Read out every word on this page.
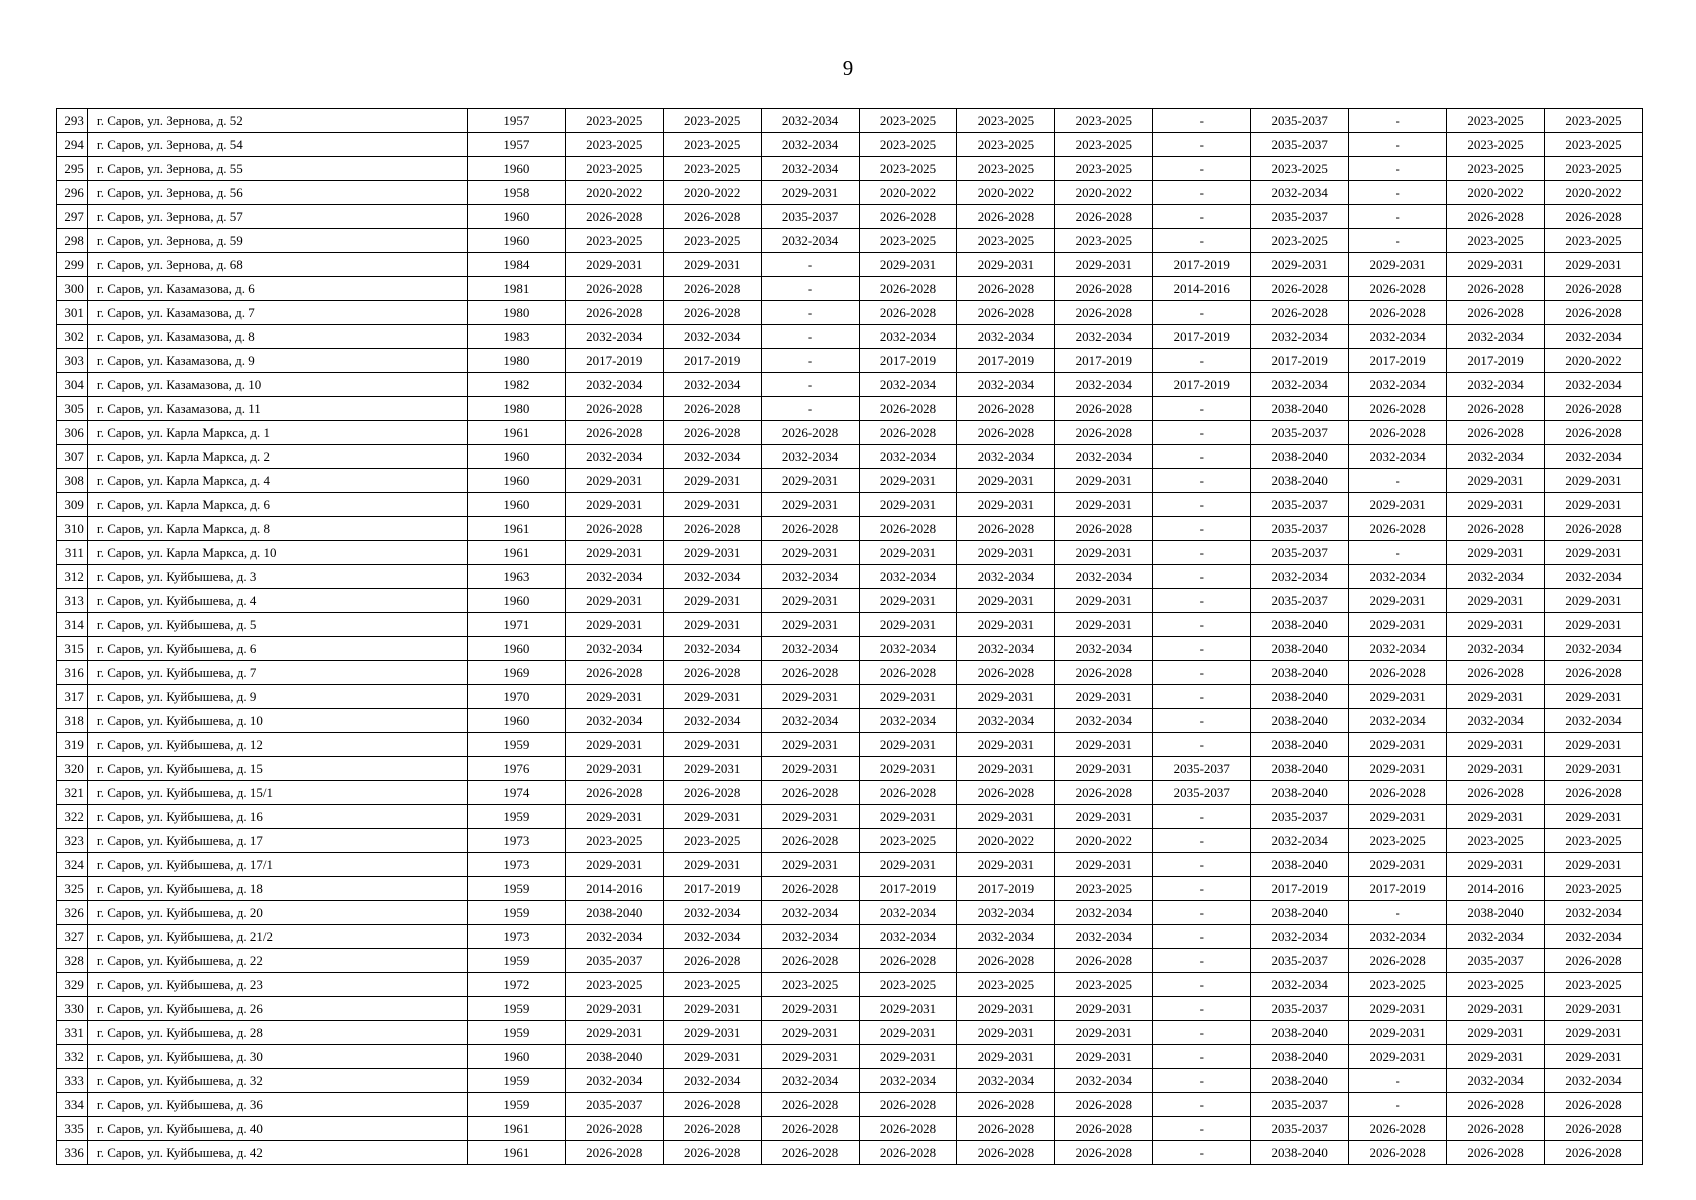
9
293	г. Саров, ул. Зернова, д. 52	1957	2023-2025	2023-2025	2032-2034	2023-2025	2023-2025	2023-2025	-	2035-2037	-	2023-2025	2023-2025
294	г. Саров, ул. Зернова, д. 54	1957	2023-2025	2023-2025	2032-2034	2023-2025	2023-2025	2023-2025	-	2035-2037	-	2023-2025	2023-2025
295	г. Саров, ул. Зернова, д. 55	1960	2023-2025	2023-2025	2032-2034	2023-2025	2023-2025	2023-2025	-	2023-2025	-	2023-2025	2023-2025
296	г. Саров, ул. Зернова, д. 56	1958	2020-2022	2020-2022	2029-2031	2020-2022	2020-2022	2020-2022	-	2032-2034	-	2020-2022	2020-2022
297	г. Саров, ул. Зернова, д. 57	1960	2026-2028	2026-2028	2035-2037	2026-2028	2026-2028	2026-2028	-	2035-2037	-	2026-2028	2026-2028
298	г. Саров, ул. Зернова, д. 59	1960	2023-2025	2023-2025	2032-2034	2023-2025	2023-2025	2023-2025	-	2023-2025	-	2023-2025	2023-2025
299	г. Саров, ул. Зернова, д. 68	1984	2029-2031	2029-2031	-	2029-2031	2029-2031	2029-2031	2017-2019	2029-2031	2029-2031	2029-2031	2029-2031
300	г. Саров, ул. Казамазова, д. 6	1981	2026-2028	2026-2028	-	2026-2028	2026-2028	2026-2028	2014-2016	2026-2028	2026-2028	2026-2028	2026-2028
301	г. Саров, ул. Казамазова, д. 7	1980	2026-2028	2026-2028	-	2026-2028	2026-2028	2026-2028	-	2026-2028	2026-2028	2026-2028	2026-2028
302	г. Саров, ул. Казамазова, д. 8	1983	2032-2034	2032-2034	-	2032-2034	2032-2034	2032-2034	2017-2019	2032-2034	2032-2034	2032-2034	2032-2034
303	г. Саров, ул. Казамазова, д. 9	1980	2017-2019	2017-2019	-	2017-2019	2017-2019	2017-2019	-	2017-2019	2017-2019	2017-2019	2020-2022
304	г. Саров, ул. Казамазова, д. 10	1982	2032-2034	2032-2034	-	2032-2034	2032-2034	2032-2034	2017-2019	2032-2034	2032-2034	2032-2034	2032-2034
305	г. Саров, ул. Казамазова, д. 11	1980	2026-2028	2026-2028	-	2026-2028	2026-2028	2026-2028	-	2038-2040	2026-2028	2026-2028	2026-2028
306	г. Саров, ул. Карла Маркса, д. 1	1961	2026-2028	2026-2028	2026-2028	2026-2028	2026-2028	2026-2028	-	2035-2037	2026-2028	2026-2028	2026-2028
307	г. Саров, ул. Карла Маркса, д. 2	1960	2032-2034	2032-2034	2032-2034	2032-2034	2032-2034	2032-2034	-	2038-2040	2032-2034	2032-2034	2032-2034
308	г. Саров, ул. Карла Маркса, д. 4	1960	2029-2031	2029-2031	2029-2031	2029-2031	2029-2031	2029-2031	-	2038-2040	-	2029-2031	2029-2031
309	г. Саров, ул. Карла Маркса, д. 6	1960	2029-2031	2029-2031	2029-2031	2029-2031	2029-2031	2029-2031	-	2035-2037	2029-2031	2029-2031	2029-2031
310	г. Саров, ул. Карла Маркса, д. 8	1961	2026-2028	2026-2028	2026-2028	2026-2028	2026-2028	2026-2028	-	2035-2037	2026-2028	2026-2028	2026-2028
311	г. Саров, ул. Карла Маркса, д. 10	1961	2029-2031	2029-2031	2029-2031	2029-2031	2029-2031	2029-2031	-	2035-2037	-	2029-2031	2029-2031
312	г. Саров, ул. Куйбышева, д. 3	1963	2032-2034	2032-2034	2032-2034	2032-2034	2032-2034	2032-2034	-	2032-2034	2032-2034	2032-2034	2032-2034
313	г. Саров, ул. Куйбышева, д. 4	1960	2029-2031	2029-2031	2029-2031	2029-2031	2029-2031	2029-2031	-	2035-2037	2029-2031	2029-2031	2029-2031
314	г. Саров, ул. Куйбышева, д. 5	1971	2029-2031	2029-2031	2029-2031	2029-2031	2029-2031	2029-2031	-	2038-2040	2029-2031	2029-2031	2029-2031
315	г. Саров, ул. Куйбышева, д. 6	1960	2032-2034	2032-2034	2032-2034	2032-2034	2032-2034	2032-2034	-	2038-2040	2032-2034	2032-2034	2032-2034
316	г. Саров, ул. Куйбышева, д. 7	1969	2026-2028	2026-2028	2026-2028	2026-2028	2026-2028	2026-2028	-	2038-2040	2026-2028	2026-2028	2026-2028
317	г. Саров, ул. Куйбышева, д. 9	1970	2029-2031	2029-2031	2029-2031	2029-2031	2029-2031	2029-2031	-	2038-2040	2029-2031	2029-2031	2029-2031
318	г. Саров, ул. Куйбышева, д. 10	1960	2032-2034	2032-2034	2032-2034	2032-2034	2032-2034	2032-2034	-	2038-2040	2032-2034	2032-2034	2032-2034
319	г. Саров, ул. Куйбышева, д. 12	1959	2029-2031	2029-2031	2029-2031	2029-2031	2029-2031	2029-2031	-	2038-2040	2029-2031	2029-2031	2029-2031
320	г. Саров, ул. Куйбышева, д. 15	1976	2029-2031	2029-2031	2029-2031	2029-2031	2029-2031	2029-2031	2035-2037	2038-2040	2029-2031	2029-2031	2029-2031
321	г. Саров, ул. Куйбышева, д. 15/1	1974	2026-2028	2026-2028	2026-2028	2026-2028	2026-2028	2026-2028	2035-2037	2038-2040	2026-2028	2026-2028	2026-2028
322	г. Саров, ул. Куйбышева, д. 16	1959	2029-2031	2029-2031	2029-2031	2029-2031	2029-2031	2029-2031	-	2035-2037	2029-2031	2029-2031	2029-2031
323	г. Саров, ул. Куйбышева, д. 17	1973	2023-2025	2023-2025	2026-2028	2023-2025	2020-2022	2020-2022	-	2032-2034	2023-2025	2023-2025	2023-2025
324	г. Саров, ул. Куйбышева, д. 17/1	1973	2029-2031	2029-2031	2029-2031	2029-2031	2029-2031	2029-2031	-	2038-2040	2029-2031	2029-2031	2029-2031
325	г. Саров, ул. Куйбышева, д. 18	1959	2014-2016	2017-2019	2026-2028	2017-2019	2017-2019	2023-2025	-	2017-2019	2017-2019	2014-2016	2023-2025
326	г. Саров, ул. Куйбышева, д. 20	1959	2038-2040	2032-2034	2032-2034	2032-2034	2032-2034	2032-2034	-	2038-2040	-	2038-2040	2032-2034
327	г. Саров, ул. Куйбышева, д. 21/2	1973	2032-2034	2032-2034	2032-2034	2032-2034	2032-2034	2032-2034	-	2032-2034	2032-2034	2032-2034	2032-2034
328	г. Саров, ул. Куйбышева, д. 22	1959	2035-2037	2026-2028	2026-2028	2026-2028	2026-2028	2026-2028	-	2035-2037	2026-2028	2035-2037	2026-2028
329	г. Саров, ул. Куйбышева, д. 23	1972	2023-2025	2023-2025	2023-2025	2023-2025	2023-2025	2023-2025	-	2032-2034	2023-2025	2023-2025	2023-2025
330	г. Саров, ул. Куйбышева, д. 26	1959	2029-2031	2029-2031	2029-2031	2029-2031	2029-2031	2029-2031	-	2035-2037	2029-2031	2029-2031	2029-2031
331	г. Саров, ул. Куйбышева, д. 28	1959	2029-2031	2029-2031	2029-2031	2029-2031	2029-2031	2029-2031	-	2038-2040	2029-2031	2029-2031	2029-2031
332	г. Саров, ул. Куйбышева, д. 30	1960	2038-2040	2029-2031	2029-2031	2029-2031	2029-2031	2029-2031	-	2038-2040	2029-2031	2029-2031	2029-2031
333	г. Саров, ул. Куйбышева, д. 32	1959	2032-2034	2032-2034	2032-2034	2032-2034	2032-2034	2032-2034	-	2038-2040	-	2032-2034	2032-2034
334	г. Саров, ул. Куйбышева, д. 36	1959	2035-2037	2026-2028	2026-2028	2026-2028	2026-2028	2026-2028	-	2035-2037	-	2026-2028	2026-2028
335	г. Саров, ул. Куйбышева, д. 40	1961	2026-2028	2026-2028	2026-2028	2026-2028	2026-2028	2026-2028	-	2035-2037	2026-2028	2026-2028	2026-2028
336	г. Саров, ул. Куйбышева, д. 42	1961	2026-2028	2026-2028	2026-2028	2026-2028	2026-2028	2026-2028	-	2038-2040	2026-2028	2026-2028	2026-2028
